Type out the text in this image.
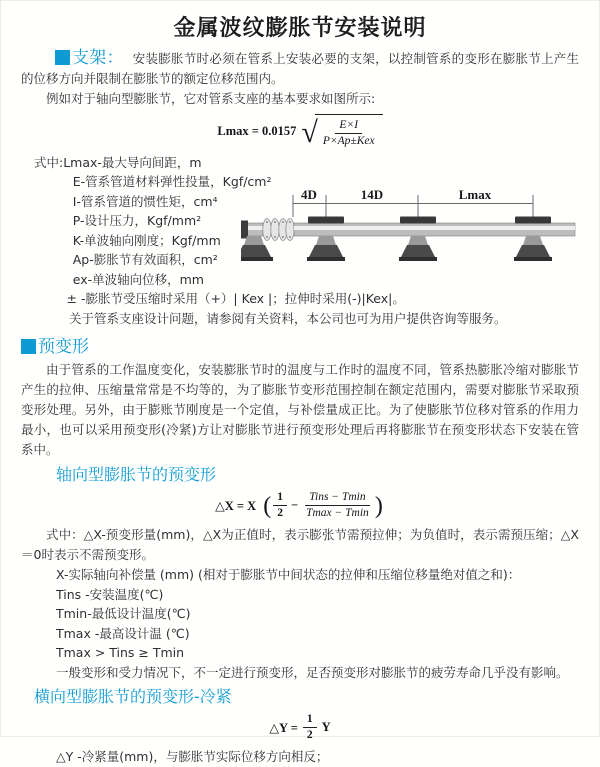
金属波纹膨胀节安装说明

支架： 安装膨胀节时必须在管系上安装必要的支架，以控制管系的变形在膨胀节上产生的位移方向并限制在膨胀节的额定位移范围内。

例如对于轴向型膨胀节，它对管系支座的基本要求如图所示:

Lmax = 0.0157 √ $\frac{E\times I}{\text{P×Ap±Kex}}$
式中:Lmax-最大导向间距，m
E-管系管道材料弹性投量，Kgf/cm²
I-管系管道的惯性矩，cm⁴
P-设计压力，Kgf/mm²
K-单波轴向刚度；Kgf/mm
Ap-膨胀节有效面积，cm²
ex-单波轴向位移，mm
± -膨胀节受压缩时采用（+）| Kex |；拉伸时采用(-)|Kex|。
关于管系支座设计问题，请参阅有关资料，本公司也可为用户提供咨询等服务。
预变形

由于管系的工作温度变化，安装膨胀节时的温度与工作时的温度不同，管系热膨胀冷缩对膨胀节产生的拉伸、压缩量常常是不均等的，为了膨胀节变形范围控制在额定范围内，需要对膨胀节采取预变形处理。另外，由于膨账节刚度是一个定值，与补偿量成正比。为了使膨胀节位移对管系的作用力最小，也可以采用预变形(冷紧)方让对膨胀节进行预变形处理后再将膨胀节在预变形状态下安装在管系中。

轴向型膨胀节的预变形
△X = X ( $\frac{1}{2} - \frac{\text{Tins − Tmin}}{Tmax - Tmin}$ )

式中：△X-预变形量(mm)，△X为正值时，表示膨张节需预拉伸；为负值时，表示需预压缩；△X＝0时表示不需预变形。

X-实际轴向补偿量 (mm) (相对于膨胀节中间状态的拉伸和压缩位移量绝对值之和)：
Tins -安装温度(℃)
Tmin-最低设计温度(℃)
Tmax -最高设计温 (℃)
Tmax > Tins ≥ Tmin
一般变形和受力情况下，不一定进行预变形，足否预变形对膨胀节的疲劳寿命几乎没有影响。
横向型膨胀节的预变形-冷紧
△Y = $\frac{1}{2}$ Y
△Y -冷紧量(mm)，与膨胀节实际位移方向相反；
4D	14D	Lmax
